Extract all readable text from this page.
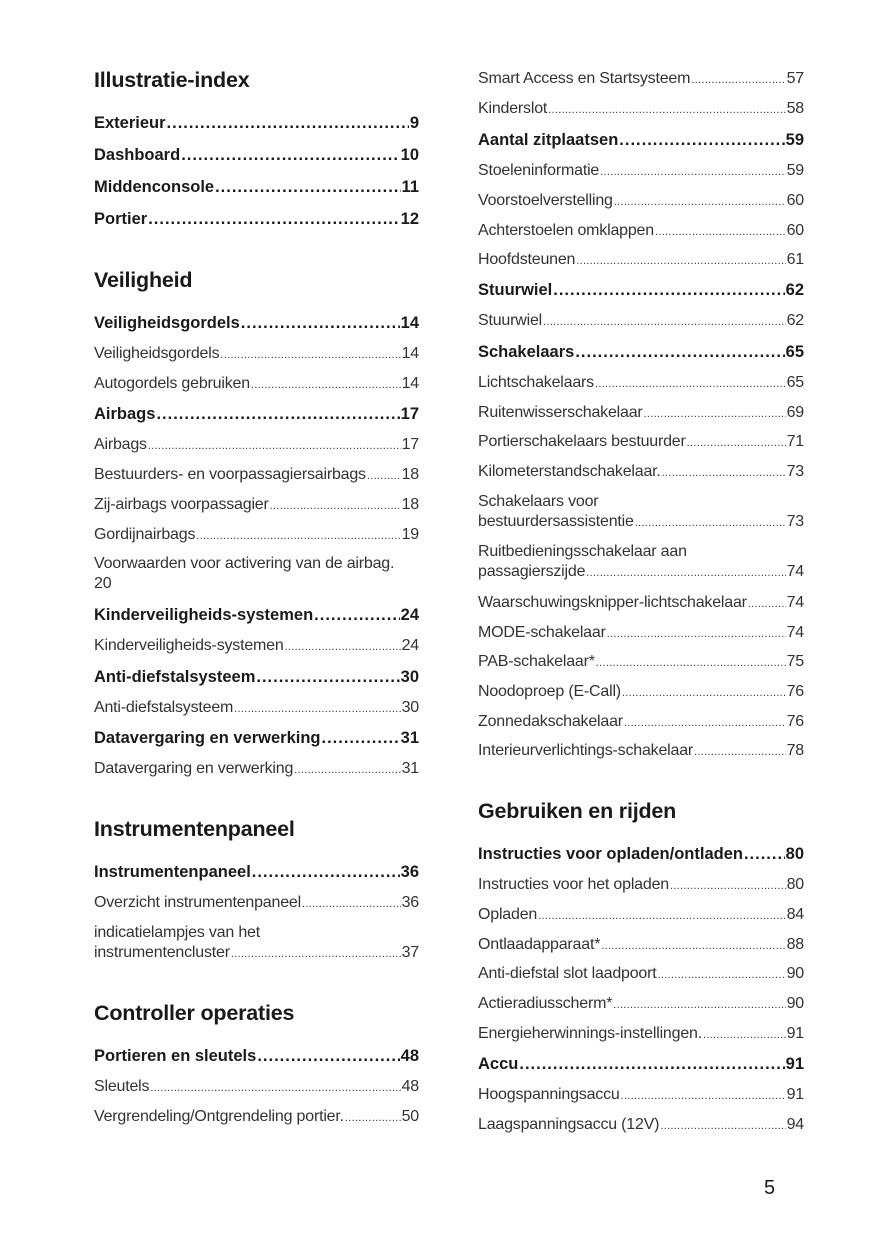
Illustratie-index
Exterieur .....	9
Dashboard .....	10
Middenconsole .....	11
Portier .....	12
Veiligheid
Veiligheidsgordels .....	14
Veiligheidsgordels .....	14
Autogordels gebruiken .....	14
Airbags .....	17
Airbags .....	17
Bestuurders- en voorpassagiersairbags ..... 18
Zij-airbags voorpassagier .....	18
Gordijnairbags .....	19
Voorwaarden voor activering van de airbag.
20
Kinderveiligheids-systemen .....	24
Kinderveiligheids-systemen .....	24
Anti-diefstalsysteem .....	30
Anti-diefstalsysteem .....	30
Datavergaring en verwerking .....	31
Datavergaring en verwerking .....	31
Instrumentenpaneel
Instrumentenpaneel .....	36
Overzicht instrumentenpaneel .....	36
indicatielampjes van het
instrumentencluster .....	37
Controller operaties
Portieren en sleutels .....	48
Sleutels .....	48
Vergrendeling/Ontgrendeling portier. .....	50
Smart Access en Startsysteem .....	57
Kinderslot .....	58
Aantal zitplaatsen .....	59
Stoeleninformatie .....	59
Voorstoelverstelling .....	60
Achterstoelen omklappen .....	60
Hoofdsteunen .....	61
Stuurwiel .....	62
Stuurwiel .....	62
Schakelaars .....	65
Lichtschakelaars .....	65
Ruitenwisserschakelaar .....	69
Portierschakelaars bestuurder .....	71
Kilometerstandschakelaar. .....	73
Schakelaars voor
bestuurdersassistentie .....	73
Ruitbedieningsschakelaar aan
passagierszijde .....	74
Waarschuwingsknipper-lichtschakelaar ..... 74
MODE-schakelaar .....	74
PAB-schakelaar* .....	75
Noodoproep (E-Call) .....	76
Zonnedakschakelaar .....	76
Interieurverlichtings-schakelaar .....	78
Gebruiken en rijden
Instructies voor opladen/ontladen .....	80
Instructies voor het opladen .....	80
Opladen .....	84
Ontlaadapparaat* .....	88
Anti-diefstal slot laadpoort .....	90
Actieradiusscherm* .....	90
Energieherwinnings-instellingen. .....	91
Accu .....	91
Hoogspanningsaccu .....	91
Laagspanningsaccu (12V) .....	94
5
